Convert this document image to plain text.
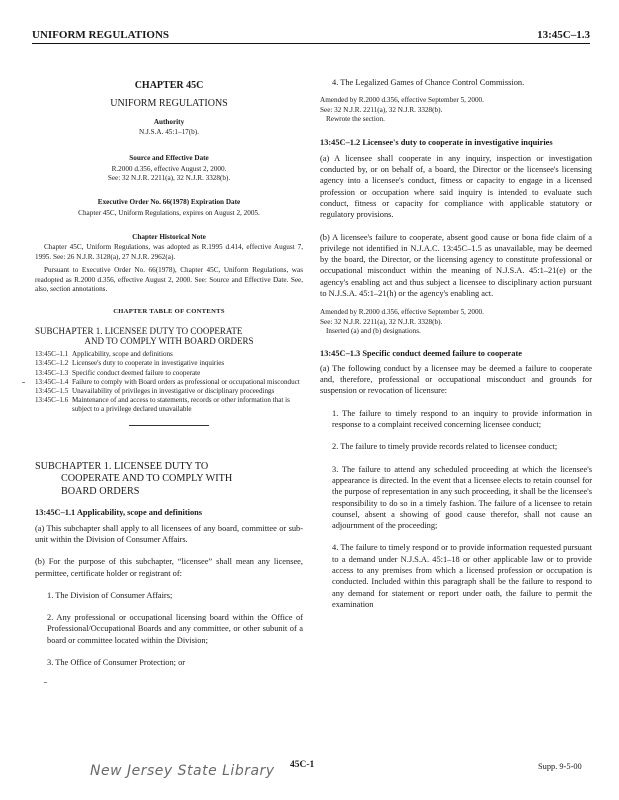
UNIFORM REGULATIONS	13:45C–1.3
CHAPTER 45C
UNIFORM REGULATIONS
Authority
N.J.S.A. 45:1–17(b).
Source and Effective Date
R.2000 d.356, effective August 2, 2000.
See: 32 N.J.R. 2211(a), 32 N.J.R. 3328(b).
Executive Order No. 66(1978) Expiration Date
Chapter 45C, Uniform Regulations, expires on August 2, 2005.
Chapter Historical Note

Chapter 45C, Uniform Regulations, was adopted as R.1995 d.414, effective August 7, 1995. See: 26 N.J.R. 3128(a), 27 N.J.R. 2962(a).

Pursuant to Executive Order No. 66(1978), Chapter 45C, Uniform Regulations, was readopted as R.2000 d.356, effective August 2, 2000. See: Source and Effective Date. See, also, section annotations.

CHAPTER TABLE OF CONTENTS
SUBCHAPTER 1. LICENSEE DUTY TO COOPERATE
AND TO COMPLY WITH BOARD ORDERS
13:45C–1.1 Applicability, scope and definitions
13:45C–1.2 Licensee's duty to cooperate in investigative inquiries
13:45C–1.3 Specific conduct deemed failure to cooperate
13:45C–1.4 Failure to comply with Board orders as professional or occupational misconduct
13:45C–1.5 Unavailability of privileges in investigative or disciplinary proceedings
13:45C–1.6 Maintenance of and access to statements, records or other information that is subject to a privilege declared unavailable
SUBCHAPTER 1. LICENSEE DUTY TO
COOPERATE AND TO COMPLY WITH
BOARD ORDERS
13:45C–1.1 Applicability, scope and definitions

(a) This subchapter shall apply to all licensees of any board, committee or sub-unit within the Division of Consumer Affairs.

(b) For the purpose of this subchapter, “licensee” shall mean any licensee, permittee, certificate holder or registrant of:

1. The Division of Consumer Affairs;

2. Any professional or occupational licensing board within the Office of Professional/Occupational Boards and any committee, or other subunit of a board or committee located within the Division;

3. The Office of Consumer Protection; or

4. The Legalized Games of Chance Control Commission.

Amended by R.2000 d.356, effective September 5, 2000.
See: 32 N.J.R. 2211(a), 32 N.J.R. 3328(b).
Rewrote the section.
13:45C–1.2 Licensee's duty to cooperate in investigative inquiries

(a) A licensee shall cooperate in any inquiry, inspection or investigation conducted by, or on behalf of, a board, the Director or the licensee's licensing agency into a licensee's conduct, fitness or capacity to engage in a licensed profession or occupation where said inquiry is intended to evaluate such conduct, fitness or capacity for compliance with applicable statutory or regulatory provisions.

(b) A licensee's failure to cooperate, absent good cause or bona fide claim of a privilege not identified in N.J.A.C. 13:45C–1.5 as unavailable, may be deemed by the board, the Director, or the licensing agency to constitute professional or occupational misconduct within the meaning of N.J.S.A. 45:1–21(e) or the agency's enabling act and thus subject a licensee to disciplinary action pursuant to N.J.S.A. 45:1–21(h) or the agency's enabling act.

Amended by R.2000 d.356, effective September 5, 2000.
See: 32 N.J.R. 2211(a), 32 N.J.R. 3328(b).
Inserted (a) and (b) designations.
13:45C–1.3 Specific conduct deemed failure to cooperate

(a) The following conduct by a licensee may be deemed a failure to cooperate and, therefore, professional or occupational misconduct and grounds for suspension or revocation of licensure:

1. The failure to timely respond to an inquiry to provide information in response to a complaint received concerning licensee conduct;

2. The failure to timely provide records related to licensee conduct;

3. The failure to attend any scheduled proceeding at which the licensee's appearance is directed. In the event that a licensee elects to retain counsel for the purpose of representation in any such proceeding, it shall be the licensee's responsibility to do so in a timely fashion. The failure of a licensee to retain counsel, absent a showing of good cause therefor, shall not cause an adjournment of the proceeding;

4. The failure to timely respond or to provide information requested pursuant to a demand under N.J.S.A. 45:1–18 or other applicable law or to provide access to any premises from which a licensed profession or occupation is conducted. Included within this paragraph shall be the failure to respond to any demand for statement or report under oath, the failure to permit the examination

New Jersey State Library 45C-1	Supp. 9-5-00
